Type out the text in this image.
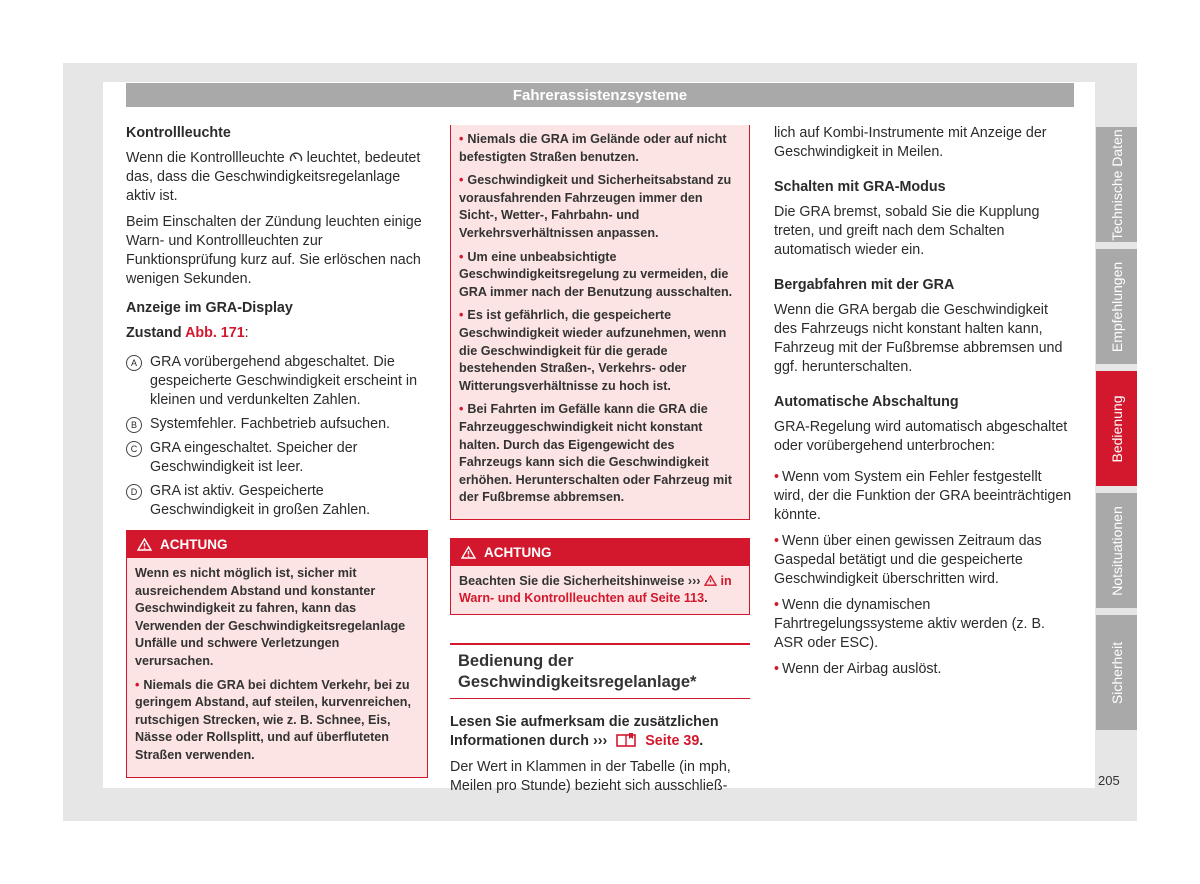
Fahrerassistenzsysteme
Kontrollleuchte

Wenn die Kontrollleuchte leuchtet, bedeutet das, dass die Geschwindigkeitsregelanlage aktiv ist.

Beim Einschalten der Zündung leuchten einige Warn- und Kontrollleuchten zur Funktionsprüfung kurz auf. Sie erlöschen nach wenigen Sekunden.

Anzeige im GRA-Display
Zustand Abb. 171:
A GRA vorübergehend abgeschaltet. Die gespeicherte Geschwindigkeit erscheint in kleinen und verdunkelten Zahlen.
B Systemfehler. Fachbetrieb aufsuchen.
C GRA eingeschaltet. Speicher der Geschwindigkeit ist leer.
D GRA ist aktiv. Gespeicherte Geschwindigkeit in großen Zahlen.
ACHTUNG

Wenn es nicht möglich ist, sicher mit ausreichendem Abstand und konstanter Geschwindigkeit zu fahren, kann das Verwenden der Geschwindigkeitsregelanlage Unfälle und schwere Verletzungen verursachen.

• Niemals die GRA bei dichtem Verkehr, bei zu geringem Abstand, auf steilen, kurvenreichen, rutschigen Strecken, wie z. B. Schnee, Eis, Nässe oder Rollsplitt, und auf überfluteten Straßen verwenden.

• Niemals die GRA im Gelände oder auf nicht befestigten Straßen benutzen.

• Geschwindigkeit und Sicherheitsabstand zu vorausfahrenden Fahrzeugen immer den Sicht-, Wetter-, Fahrbahn- und Verkehrsverhältnissen anpassen.

• Um eine unbeabsichtigte Geschwindigkeitsregelung zu vermeiden, die GRA immer nach der Benutzung ausschalten.

• Es ist gefährlich, die gespeicherte Geschwindigkeit wieder aufzunehmen, wenn die Geschwindigkeit für die gerade bestehenden Straßen-, Verkehrs- oder Witterungsverhältnisse zu hoch ist.

• Bei Fahrten im Gefälle kann die GRA die Fahrzeuggeschwindigkeit nicht konstant halten. Durch das Eigengewicht des Fahrzeugs kann sich die Geschwindigkeit erhöhen. Herunterschalten oder Fahrzeug mit der Fußbremse abbremsen.

ACHTUNG
Beachten Sie die Sicherheitshinweise ››› in Warn- und Kontrollleuchten auf Seite 113.
Bedienung der Geschwindigkeitsregelanlage*

Lesen Sie aufmerksam die zusätzlichen Informationen durch ›››	Seite 39.

Der Wert in Klammen in der Tabelle (in mph, Meilen pro Stunde) bezieht sich ausschließ-

lich auf Kombi-Instrumente mit Anzeige der Geschwindigkeit in Meilen.

Schalten mit GRA-Modus

Die GRA bremst, sobald Sie die Kupplung treten, und greift nach dem Schalten automatisch wieder ein.

Bergabfahren mit der GRA

Wenn die GRA bergab die Geschwindigkeit des Fahrzeugs nicht konstant halten kann, Fahrzeug mit der Fußbremse abbremsen und ggf. herunterschalten.

Automatische Abschaltung

GRA-Regelung wird automatisch abgeschaltet oder vorübergehend unterbrochen:

• Wenn vom System ein Fehler festgestellt wird, der die Funktion der GRA beeinträchtigen könnte.

• Wenn über einen gewissen Zeitraum das Gaspedal betätigt und die gespeicherte Geschwindigkeit überschritten wird.

• Wenn die dynamischen Fahrtregelungssysteme aktiv werden (z. B. ASR oder ESC).

• Wenn der Airbag auslöst.

Technische Daten
Empfehlungen
Bedienung
Notsituationen
Sicherheit
205
